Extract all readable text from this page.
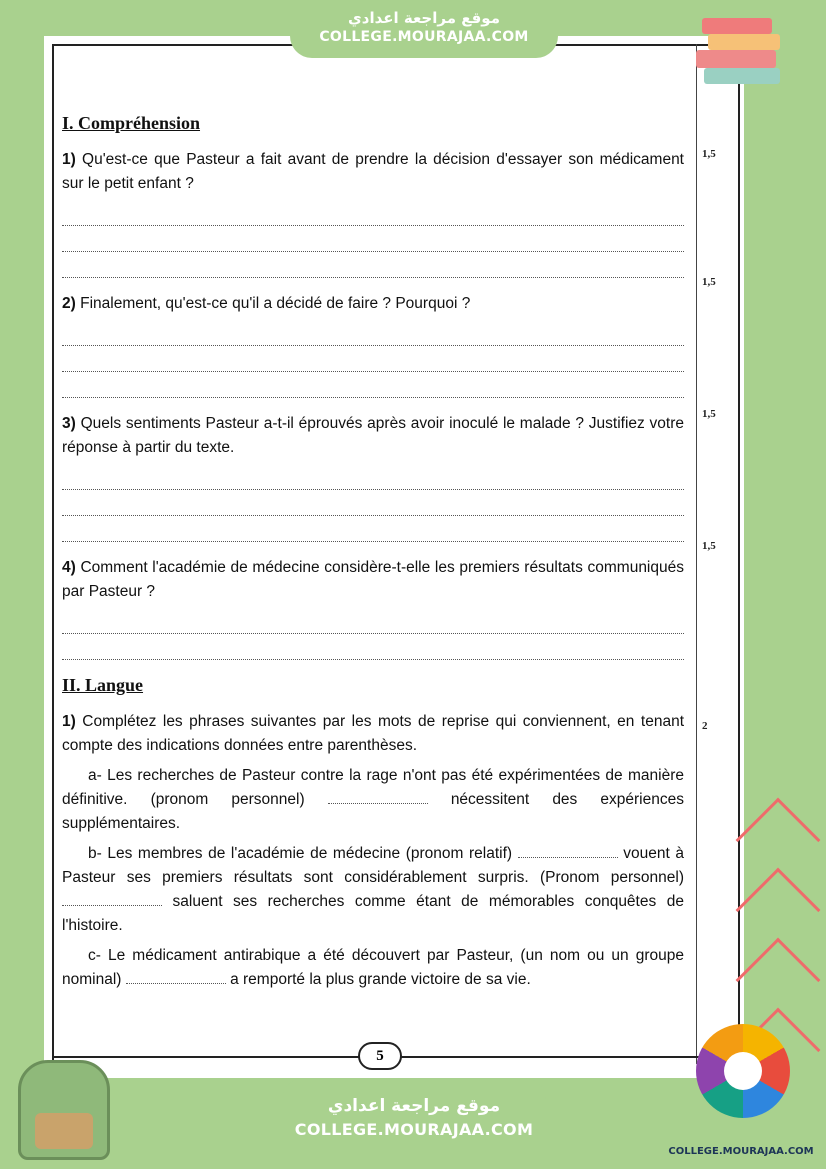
موقع مراجعة اعدادي
COLLEGE.MOURAJAA.COM
I. Compréhension
1) Qu'est-ce que Pasteur a fait avant de prendre la décision d'essayer son médicament sur le petit enfant ?
2) Finalement, qu'est-ce qu'il a décidé de faire ? Pourquoi ?
3) Quels sentiments Pasteur a-t-il éprouvés après avoir inoculé le malade ? Justifiez votre réponse à partir du texte.
4) Comment l'académie de médecine considère-t-elle les premiers résultats communiqués par Pasteur ?
II. Langue
1) Complétez les phrases suivantes par les mots de reprise qui conviennent, en tenant compte des indications données entre parenthèses.
a- Les recherches de Pasteur contre la rage n'ont pas été expérimentées de manière définitive. (pronom personnel)	nécessitent des expériences supplémentaires.
b- Les membres de l'académie de médecine (pronom relatif)	vouent à Pasteur ses premiers résultats sont considérablement surpris. (Pronom personnel)  saluent ses recherches comme étant de mémorables conquêtes de l'histoire.
c- Le médicament antirabique a été découvert par Pasteur, (un nom ou un groupe nominal)	a remporté la plus grande victoire de sa vie.
1,5
1,5
1,5
1,5
2
5
موقع مراجعة اعدادي
COLLEGE.MOURAJAA.COM
COLLEGE.MOURAJAA.COM
